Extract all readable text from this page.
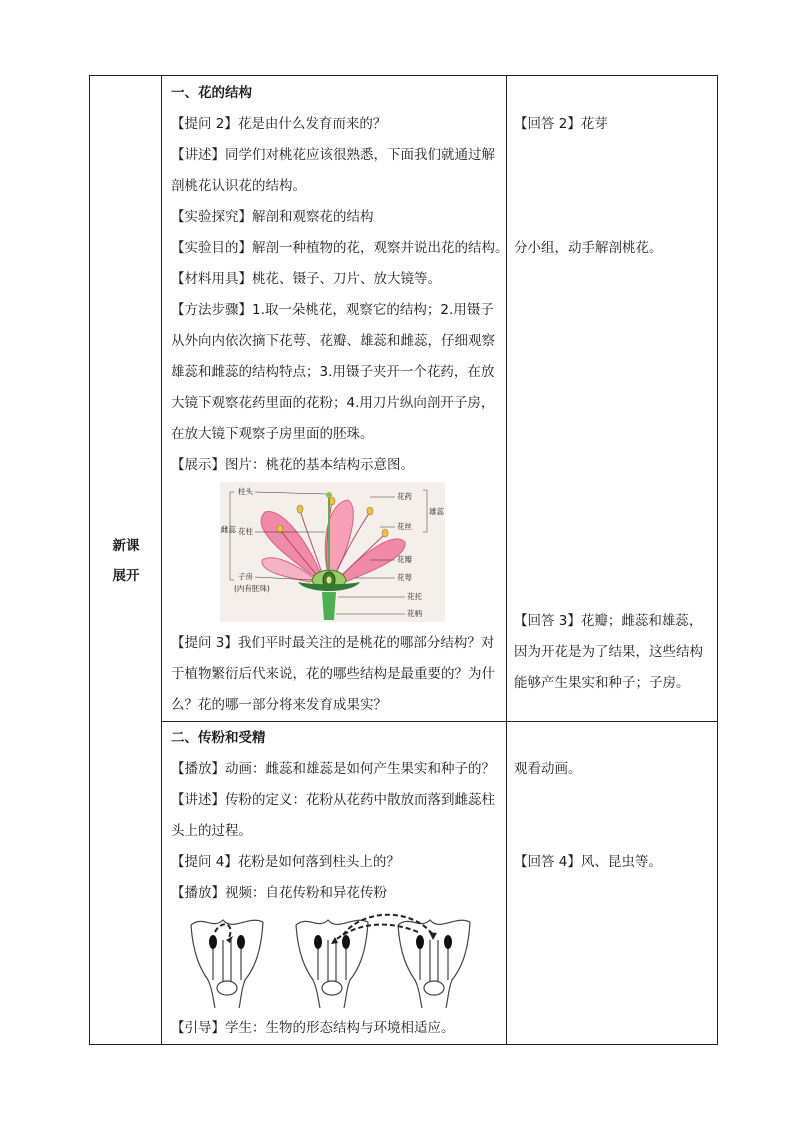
新课
展开
一、花的结构
【提问 2】花是由什么发育而来的？
【讲述】同学们对桃花应该很熟悉，下面我们就通过解
剖桃花认识花的结构。
【实验探究】解剖和观察花的结构
【实验目的】解剖一种植物的花，观察并说出花的结构。
【材料用具】桃花、镊子、刀片、放大镜等。
【方法步骤】1.取一朵桃花，观察它的结构；2.用镊子
从外向内依次摘下花萼、花瓣、雄蕊和雌蕊，仔细观察
雄蕊和雌蕊的结构特点；3.用镊子夹开一个花药，在放
大镜下观察花药里面的花粉；4.用刀片纵向剖开子房，
在放大镜下观察子房里面的胚珠。
【展示】图片：桃花的基本结构示意图。
柱头
花柱
子房
(内有胚珠)
雌蕊
花药
花丝
雄蕊
花瓣
花萼
花托
花柄
【提问 3】我们平时最关注的是桃花的哪部分结构？对
于植物繁衍后代来说，花的哪些结构是最重要的？为什
么？花的哪一部分将来发育成果实？
【回答 2】花芽
分小组，动手解剖桃花。
【回答 3】花瓣；雌蕊和雄蕊，
因为开花是为了结果，这些结构
能够产生果实和种子；子房。
二、传粉和受精
【播放】动画：雌蕊和雄蕊是如何产生果实和种子的？
【讲述】传粉的定义：花粉从花药中散放而落到雌蕊柱
头上的过程。
【提问 4】花粉是如何落到柱头上的？
【播放】视频：自花传粉和异花传粉
【引导】学生：生物的形态结构与环境相适应。
观看动画。
【回答 4】风、昆虫等。
